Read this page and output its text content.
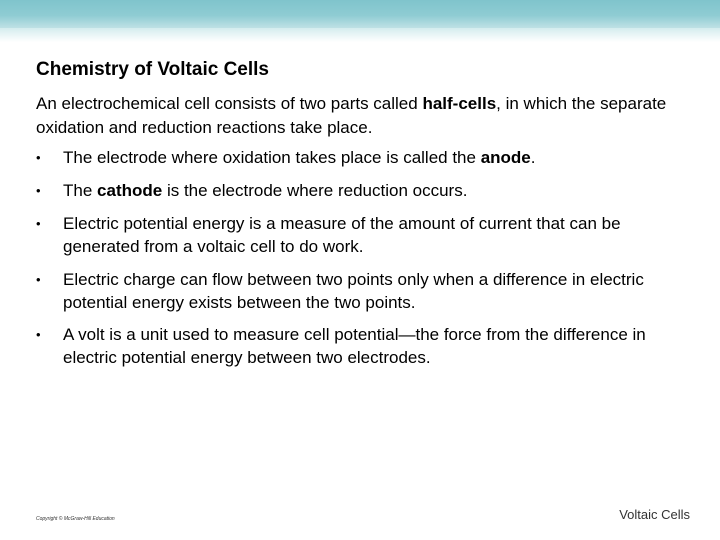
Chemistry of Voltaic Cells
An electrochemical cell consists of two parts called half-cells, in which the separate oxidation and reduction reactions take place.
• The electrode where oxidation takes place is called the anode.
• The cathode is the electrode where reduction occurs.
• Electric potential energy is a measure of the amount of current that can be generated from a voltaic cell to do work.
• Electric charge can flow between two points only when a difference in electric potential energy exists between the two points.
• A volt is a unit used to measure cell potential—the force from the difference in electric potential energy between two electrodes.
Copyright © McGraw-Hill Education	Voltaic Cells
